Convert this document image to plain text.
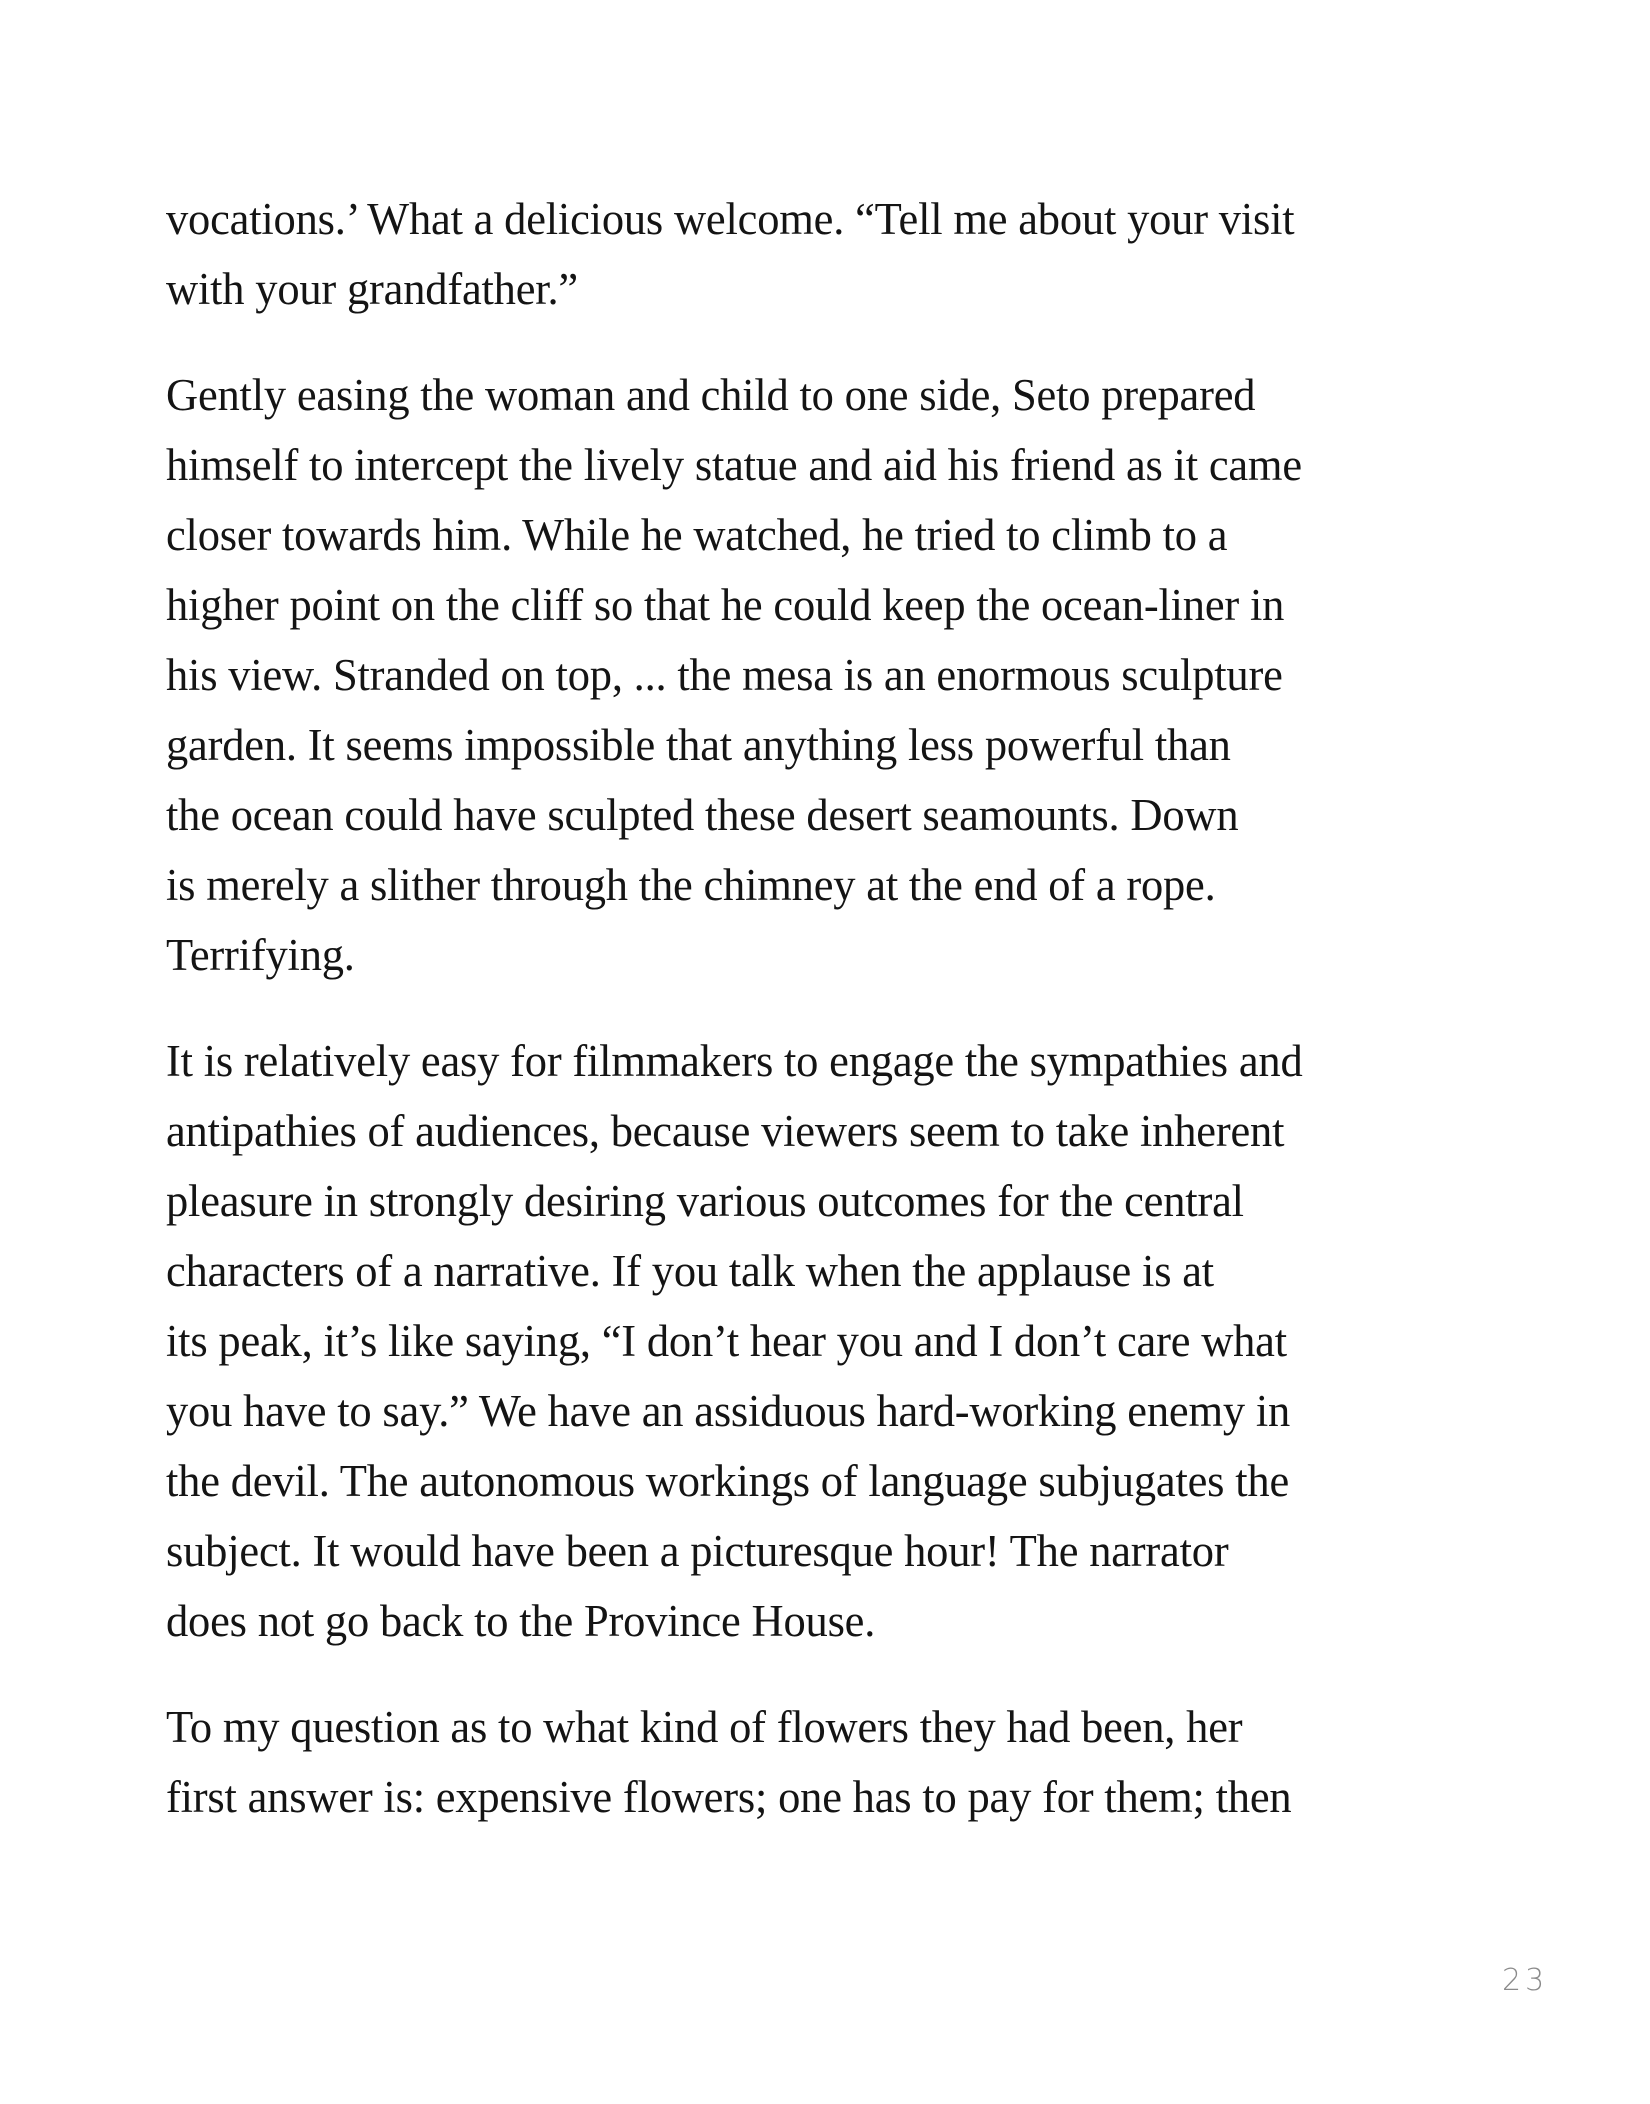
vocations.’ What a delicious welcome. “Tell me about your visit
with your grandfather.”

Gently easing the woman and child to one side, Seto prepared
himself to intercept the lively statue and aid his friend as it came
closer towards him. While he watched, he tried to climb to a
higher point on the cliff so that he could keep the ocean-liner in
his view. Stranded on top, ... the mesa is an enormous sculpture
garden. It seems impossible that anything less powerful than
the ocean could have sculpted these desert seamounts. Down
is merely a slither through the chimney at the end of a rope.
Terrifying.

It is relatively easy for filmmakers to engage the sympathies and
antipathies of audiences, because viewers seem to take inherent
pleasure in strongly desiring various outcomes for the central
characters of a narrative. If you talk when the applause is at
its peak, it’s like saying, “I don’t hear you and I don’t care what
you have to say.” We have an assiduous hard-working enemy in
the devil. The autonomous workings of language subjugates the
subject. It would have been a picturesque hour! The narrator
does not go back to the Province House.

To my question as to what kind of flowers they had been, her
first answer is: expensive flowers; one has to pay for them; then

23
